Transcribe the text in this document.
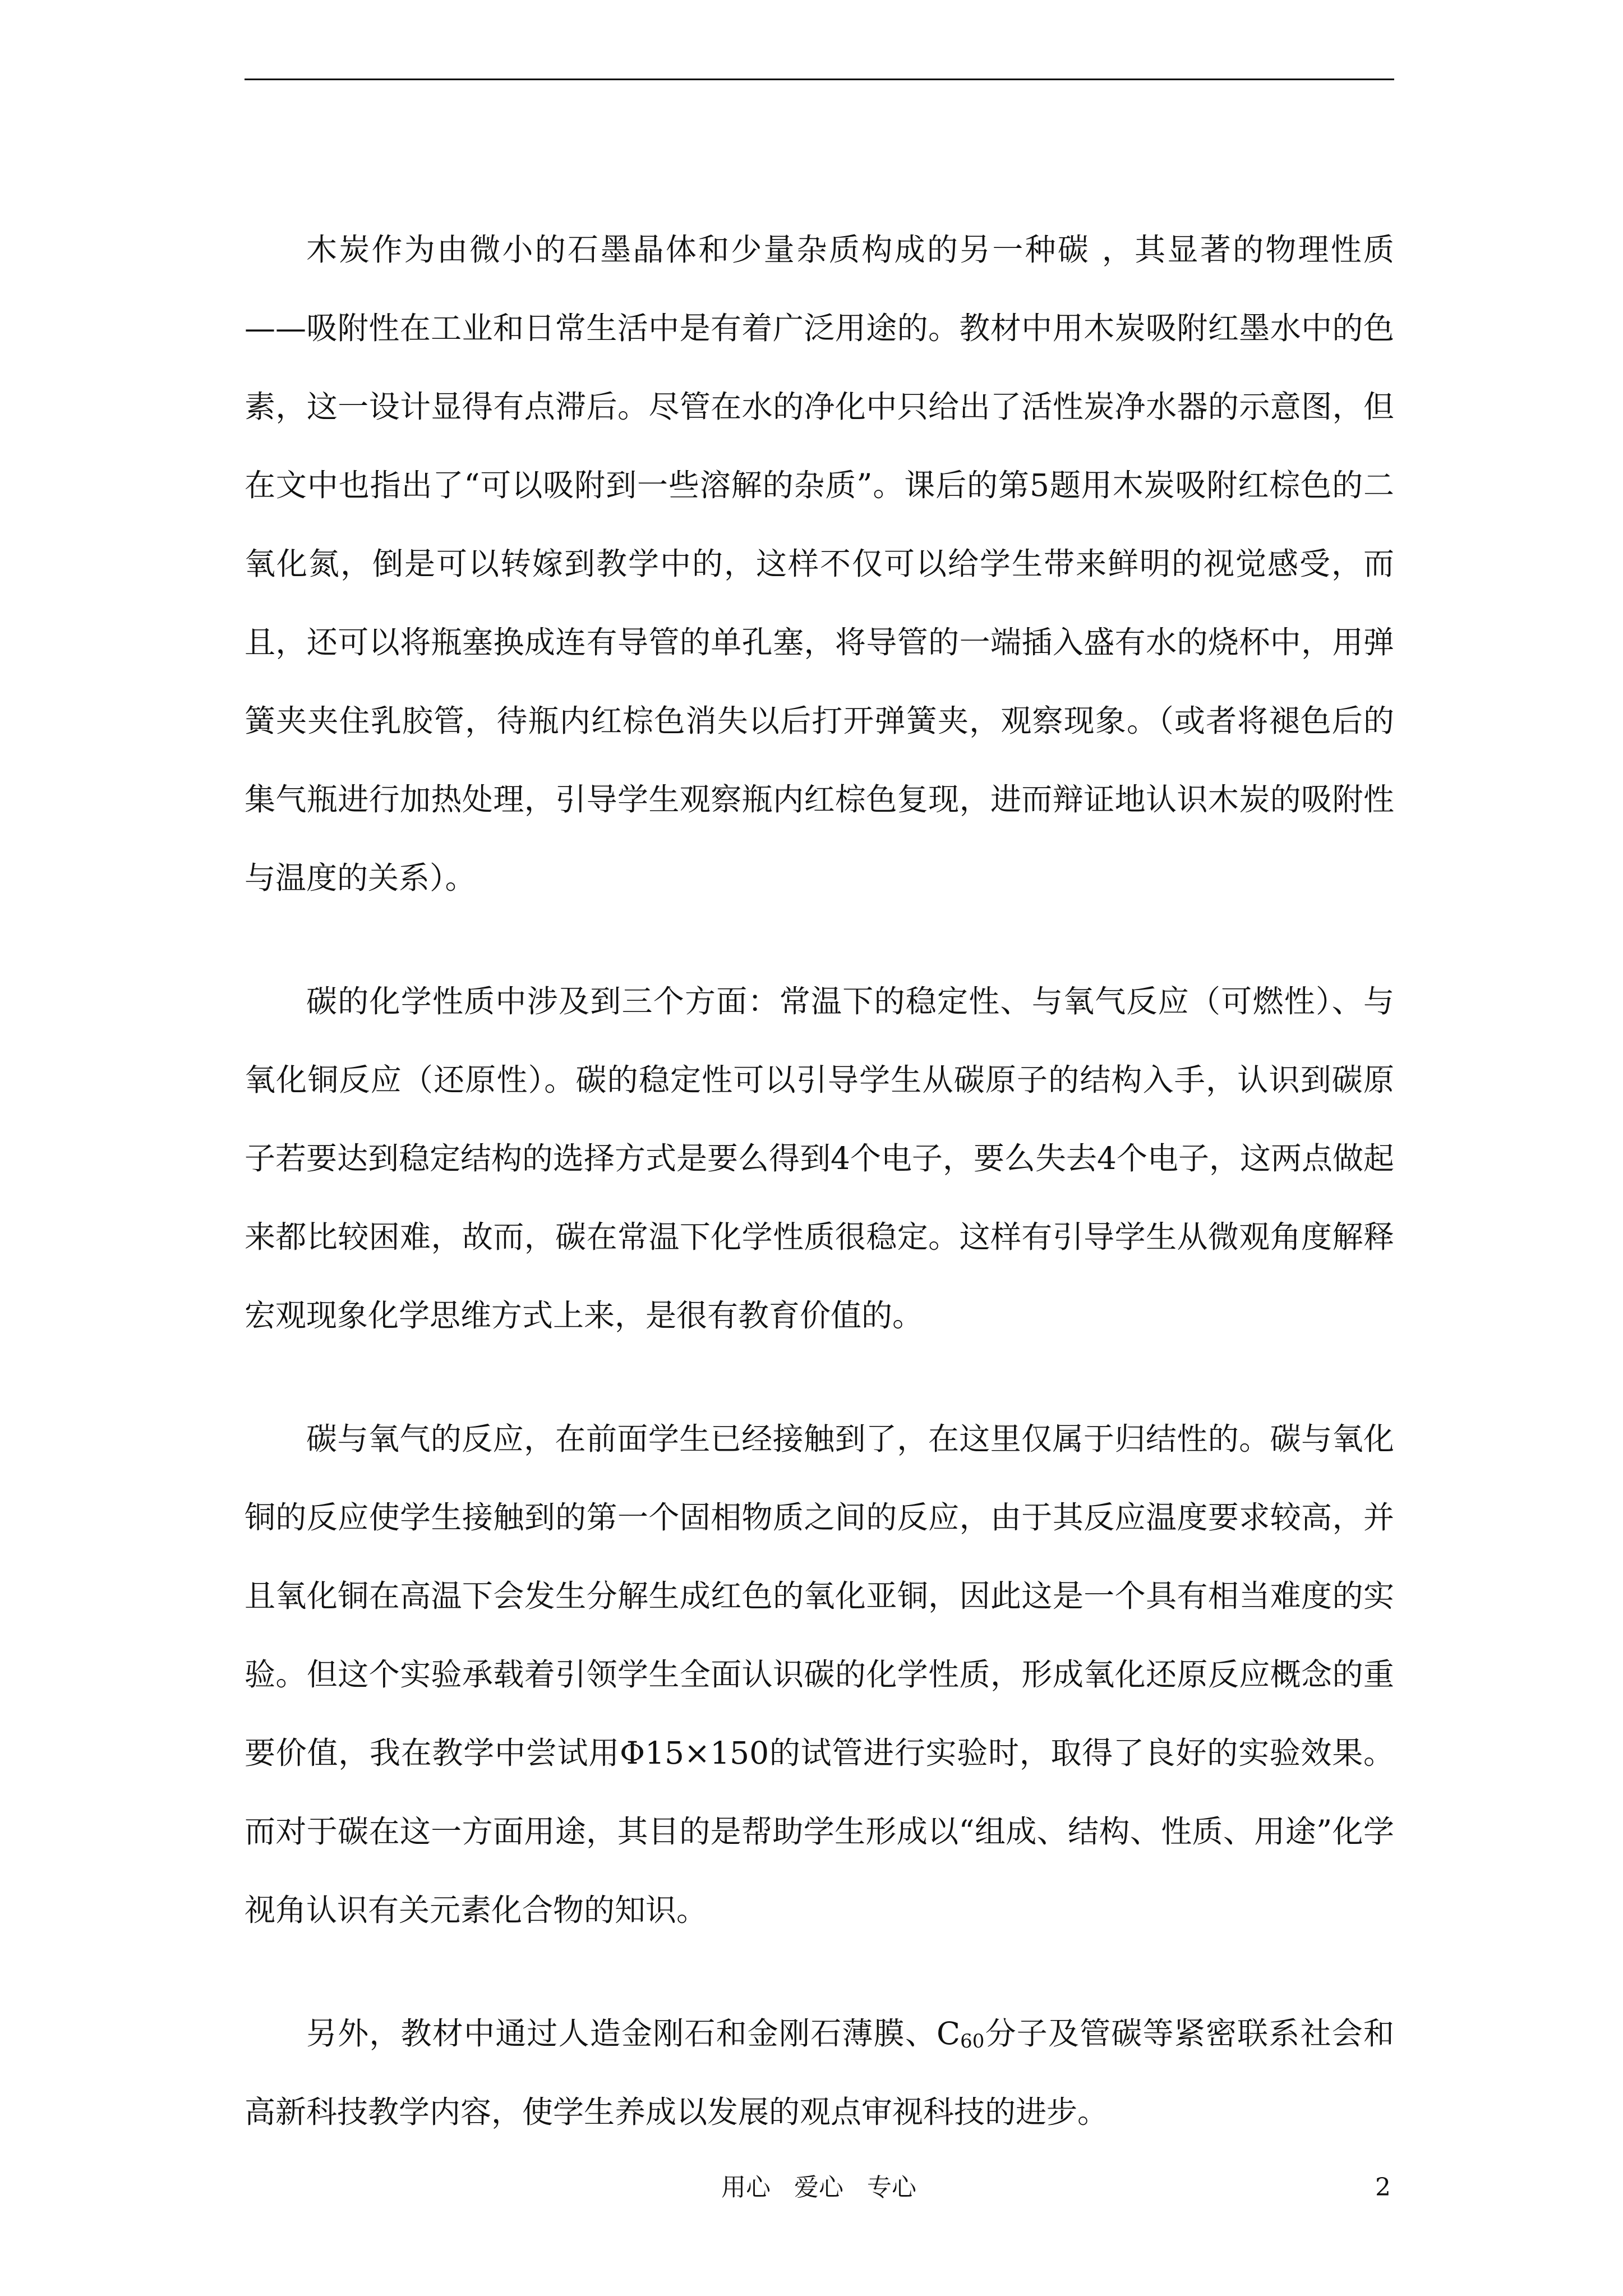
木炭作为由微小的石墨晶体和少量杂质构成的另一种碳 ，其显著的物理性质——吸附性在工业和日常生活中是有着广泛用途的。教材中用木炭吸附红墨水中的色素，这一设计显得有点滞后。尽管在水的净化中只给出了活性炭净水器的示意图，但在文中也指出了“可以吸附到一些溶解的杂质”。课后的第5题用木炭吸附红棕色的二氧化氮，倒是可以转嫁到教学中的，这样不仅可以给学生带来鲜明的视觉感受，而且，还可以将瓶塞换成连有导管的单孔塞，将导管的一端插入盛有水的烧杯中，用弹簧夹夹住乳胶管，待瓶内红棕色消失以后打开弹簧夹，观察现象。（或者将褪色后的集气瓶进行加热处理，引导学生观察瓶内红棕色复现，进而辩证地认识木炭的吸附性与温度的关系）。

碳的化学性质中涉及到三个方面：常温下的稳定性、与氧气反应（可燃性）、与氧化铜反应（还原性）。碳的稳定性可以引导学生从碳原子的结构入手，认识到碳原子若要达到稳定结构的选择方式是要么得到4个电子，要么失去4个电子，这两点做起来都比较困难，故而，碳在常温下化学性质很稳定。这样有引导学生从微观角度解释宏观现象化学思维方式上来，是很有教育价值的。

碳与氧气的反应，在前面学生已经接触到了，在这里仅属于归结性的。碳与氧化铜的反应使学生接触到的第一个固相物质之间的反应，由于其反应温度要求较高，并且氧化铜在高温下会发生分解生成红色的氧化亚铜，因此这是一个具有相当难度的实验。但这个实验承载着引领学生全面认识碳的化学性质，形成氧化还原反应概念的重要价值，我在教学中尝试用Φ15×150的试管进行实验时，取得了良好的实验效果。而对于碳在这一方面用途，其目的是帮助学生形成以“组成、结构、性质、用途”化学视角认识有关元素化合物的知识。

另外，教材中通过人造金刚石和金刚石薄膜、$C_{60}$分子及管碳等紧密联系社会和高新科技教学内容，使学生养成以发展的观点审视科技的进步。

用心   爱心   专心	2
